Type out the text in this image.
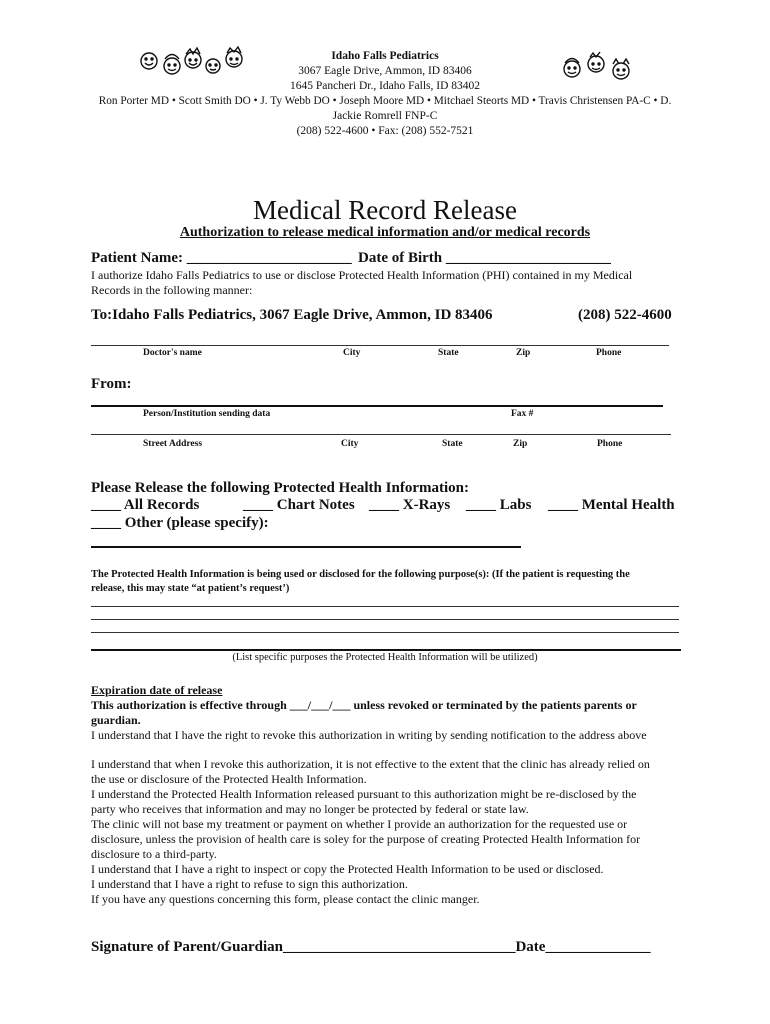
Idaho Falls Pediatrics
3067 Eagle Drive, Ammon, ID 83406
1645 Pancheri Dr., Idaho Falls, ID 83402
Ron Porter MD • Scott Smith DO • J. Ty Webb DO • Joseph Moore MD • Mitchael Steorts MD • Travis Christensen PA-C • D.
Jackie Romrell FNP-C
(208) 522-4600 • Fax: (208) 552-7521
Medical Record Release
Authorization to release medical information and/or medical records
Patient Name: ______________________ Date of Birth ______________________
I authorize Idaho Falls Pediatrics to use or disclose Protected Health Information (PHI) contained in my Medical
Records in the following manner:
To:Idaho Falls Pediatrics, 3067 Eagle Drive, Ammon, ID 83406	(208) 522-4600
Doctor's name	City	State	Zip	Phone
From:
Person/Institution sending data	Fax #
Street Address	City	State	Zip	Phone
Please Release the following Protected Health Information:
____ All Records	____ Chart Notes ____ X-Rays ____ Labs ____ Mental Health
____ Other (please specify):
The Protected Health Information is being used or disclosed for the following purpose(s): (If the patient is requesting the
release, this may state “at patient’s request’)
(List specific purposes the Protected Health Information will be utilized)
Expiration date of release
This authorization is effective through ___/___/___ unless revoked or terminated by the patients parents or
guardian.
I understand that I have the right to revoke this authorization in writing by sending notification to the address above
I understand that when I revoke this authorization, it is not effective to the extent that the clinic has already relied on
the use or disclosure of the Protected Health Information.
I understand the Protected Health Information released pursuant to this authorization might be re-disclosed by the
party who receives that information and may no longer be protected by federal or state law.
The clinic will not base my treatment or payment on whether I provide an authorization for the requested use or
disclosure, unless the provision of health care is soley for the purpose of creating Protected Health Information for
disclosure to a third-party.
I understand that I have a right to inspect or copy the Protected Health Information to be used or disclosed.
I understand that I have a right to refuse to sign this authorization.
If you have any questions concerning this form, please contact the clinic manger.
Signature of Parent/Guardian_______________________________Date______________
